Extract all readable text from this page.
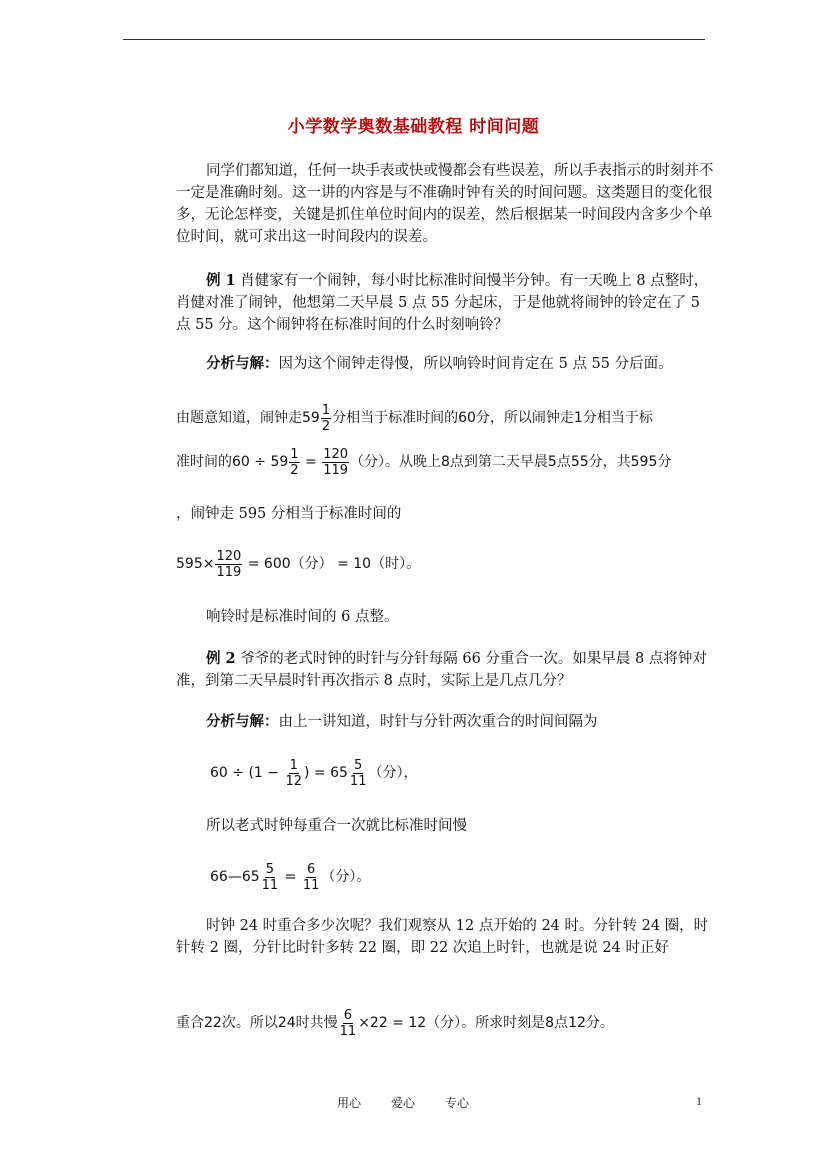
小学数学奥数基础教程 时间问题
同学们都知道，任何一块手表或快或慢都会有些误差，所以手表指示的时刻并不一定是准确时刻。这一讲的内容是与不准确时钟有关的时间问题。这类题目的变化很多，无论怎样变，关键是抓住单位时间内的误差，然后根据某一时间段内含多少个单位时间，就可求出这一时间段内的误差。
例 1 肖健家有一个闹钟，每小时比标准时间慢半分钟。有一天晚上 8 点整时，肖健对准了闹钟，他想第二天早晨 5 点 55 分起床，于是他就将闹钟的铃定在了 5 点 55 分。这个闹钟将在标准时间的什么时刻响铃？
分析与解：因为这个闹钟走得慢，所以响铃时间肯定在 5 点 55 分后面。
由题意知道，闹钟走$59 \frac{1}{2}$ 分相当于标准时间的60分，所以闹钟走1分相当于标
准时间的$60 \div 59 \frac{1}{2} = \frac{120}{119}$ （分）。从晚上8点到第二天早晨5点55分，共595分
，闹钟走 595 分相当于标准时间的
$595\times \frac{120}{119} = 600$（分） = 10（时）。
响铃时是标准时间的 6 点整。
例 2 爷爷的老式时钟的时针与分针每隔 66 分重合一次。如果早晨 8 点将钟对准，到第二天早晨时针再次指示 8 点时，实际上是几点几分？
分析与解：由上一讲知道，时针与分针两次重合的时间间隔为
$60 \div (1 - \frac{1}{12}$ ) = $65 \frac{5}{11}$ （分），
所以老式时钟每重合一次就比标准时间慢
66—65 $\frac{5}{11} = \frac{6}{11}$ （分）。
时钟 24 时重合多少次呢？我们观察从 12 点开始的 24 时。分针转 24 圈，时针转 2 圈，分针比时针多转 22 圈，即 22 次追上时针，也就是说 24 时正好
重合22次。所以24时共慢 $\frac{6}{11} \times 22 = 12$（分）。所求时刻是8点12分。
用心	爱心	专心	1
